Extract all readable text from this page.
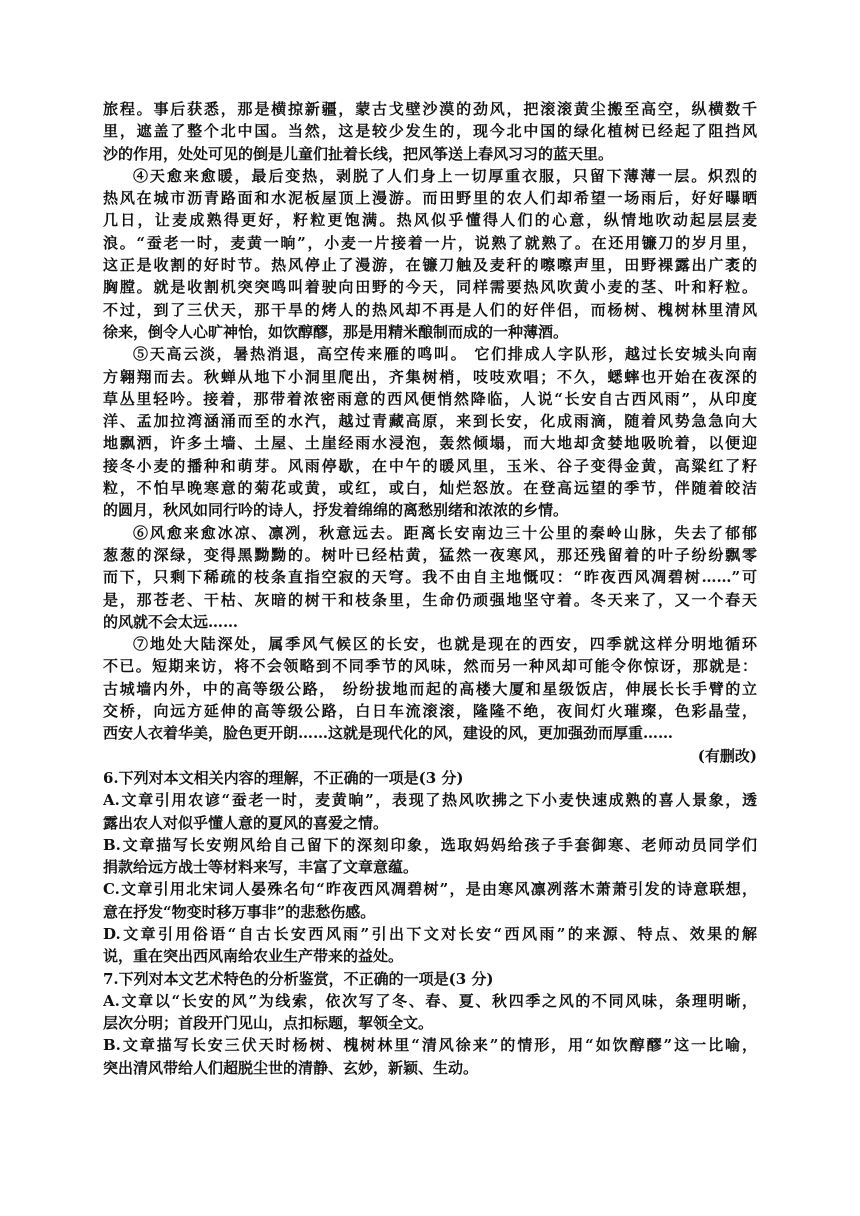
旅程。事后获悉，那是横掠新疆，蒙古戈壁沙漠的劲风，把滚滚黄尘搬至高空，纵横数千
里，遮盖了整个北中国。当然，这是较少发生的，现今北中国的绿化植树已经起了阻挡风
沙的作用，处处可见的倒是儿童们扯着长线，把风筝送上春风习习的蓝天里。
④天愈来愈暖，最后变热，剥脱了人们身上一切厚重衣服，只留下薄薄一层。炽烈的
热风在城市沥青路面和水泥板屋顶上漫游。而田野里的农人们却希望一场雨后，好好曝晒
几日，让麦成熟得更好，籽粒更饱满。热风似乎懂得人们的心意，纵情地吹动起层层麦
浪。“蚕老一时，麦黄一晌”，小麦一片接着一片，说熟了就熟了。在还用镰刀的岁月里，
这正是收割的好时节。热风停止了漫游，在镰刀触及麦秆的嚓嚓声里，田野裸露出广袤的
胸膛。就是收割机突突鸣叫着驶向田野的今天，同样需要热风吹黄小麦的茎、叶和籽粒。
不过，到了三伏天，那干旱的烤人的热风却不再是人们的好伴侣，而杨树、槐树林里清风
徐来，倒令人心旷神怡，如饮醇醪，那是用精米酿制而成的一种薄酒。
⑤天高云淡，暑热消退，高空传来雁的鸣叫。 它们排成人字队形，越过长安城头向南
方翱翔而去。秋蝉从地下小洞里爬出，齐集树梢，吱吱欢唱；不久，蟋蟀也开始在夜深的
草丛里轻吟。接着，那带着浓密雨意的西风便悄然降临，人说“长安自古西风雨”，从印度
洋、孟加拉湾涵涌而至的水汽，越过青藏高原，来到长安，化成雨滴，随着风势急急向大
地飘洒，许多土墙、土屋、土崖经雨水浸泡，轰然倾塌，而大地却贪婪地吸吮着，以便迎
接冬小麦的播种和萌芽。风雨停歇，在中午的暖风里，玉米、谷子变得金黄，高粱红了籽
粒，不怕早晚寒意的菊花或黄，或红，或白，灿烂怒放。在登高远望的季节，伴随着皎洁
的圆月，秋风如同行吟的诗人，抒发着绵绵的离愁别绪和浓浓的乡情。
⑥风愈来愈冰凉、凛冽，秋意远去。距离长安南边三十公里的秦岭山脉，失去了郁郁
葱葱的深绿，变得黑黝黝的。树叶已经枯黄，猛然一夜寒风，那还残留着的叶子纷纷飘零
而下，只剩下稀疏的枝条直指空寂的天穹。我不由自主地慨叹：“昨夜西风凋碧树……”可
是，那苍老、干枯、灰暗的树干和枝条里，生命仍顽强地坚守着。冬天来了，又一个春天
的风就不会太远……
⑦地处大陆深处，属季风气候区的长安，也就是现在的西安，四季就这样分明地循环
不已。短期来访，将不会领略到不同季节的风味，然而另一种风却可能令你惊讶，那就是：
古城墙内外，中的高等级公路， 纷纷拔地而起的高楼大厦和星级饭店，伸展长长手臂的立
交桥，向远方延伸的高等级公路，白日车流滚滚，隆隆不绝，夜间灯火璀璨，色彩晶莹，
西安人衣着华美，脸色更开朗……这就是现代化的风，建设的风，更加强劲而厚重……
(有删改)
6.下列对本文相关内容的理解，不正确的一项是(3 分)
A.文章引用农谚“蚕老一时，麦黄晌”，表现了热风吹拂之下小麦快速成熟的喜人景象，透
露出农人对似乎懂人意的夏风的喜爱之情。
B.文章描写长安朔风给自己留下的深刻印象，选取妈妈给孩子手套御寒、老师动员同学们
捐款给远方战士等材料来写，丰富了文章意蕴。
C.文章引用北宋词人晏殊名句“昨夜西风凋碧树”，是由寒风凛冽落木萧萧引发的诗意联想，
意在抒发“物变时移万事非”的悲愁伤感。
D.文章引用俗语“自古长安西风雨”引出下文对长安“西风雨”的来源、特点、效果的解
说，重在突出西风南给农业生产带来的益处。
7.下列对本文艺术特色的分析鉴赏，不正确的一项是(3 分)
A.文章以“长安的风”为线索，依次写了冬、春、夏、秋四季之风的不同风味，条理明晰，
层次分明；首段开门见山，点扣标题，挈领全文。
B.文章描写长安三伏天时杨树、槐树林里“清风徐来”的情形，用“如饮醇醪”这一比喻，
突出清风带给人们超脱尘世的清静、玄妙，新颖、生动。
